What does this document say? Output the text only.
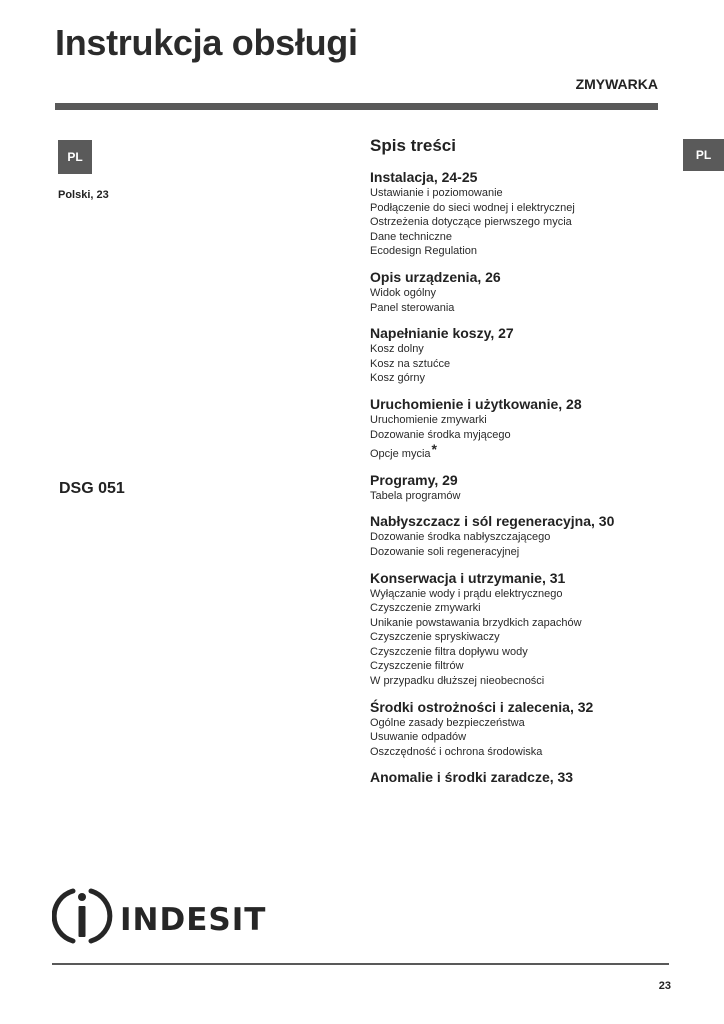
Instrukcja obsługi
ZMYWARKA
PL
Polski, 23
DSG 051
PL
Spis treści
Instalacja, 24-25
Ustawianie i poziomowanie
Podłączenie do sieci wodnej i elektrycznej
Ostrzeżenia dotyczące pierwszego mycia
Dane techniczne
Ecodesign Regulation
Opis urządzenia, 26
Widok ogólny
Panel sterowania
Napełnianie koszy, 27
Kosz dolny
Kosz na sztućce
Kosz górny
Uruchomienie i użytkowanie, 28
Uruchomienie zmywarki
Dozowanie środka myjącego
Opcje mycia*
Programy, 29
Tabela programów
Nabłyszczacz i sól regeneracyjna, 30
Dozowanie środka nabłyszczającego
Dozowanie soli regeneracyjnej
Konserwacja i utrzymanie, 31
Wyłączanie wody i prądu elektrycznego
Czyszczenie zmywarki
Unikanie powstawania brzydkich zapachów
Czyszczenie spryskiwaczy
Czyszczenie filtra dopływu wody
Czyszczenie filtrów
W przypadku dłuższej nieobecności
Środki ostrożności i zalecenia, 32
Ogólne zasady bezpieczeństwa
Usuwanie odpadów
Oszczędność i ochrona środowiska
Anomalie i środki zaradcze, 33
INDESIT
23
